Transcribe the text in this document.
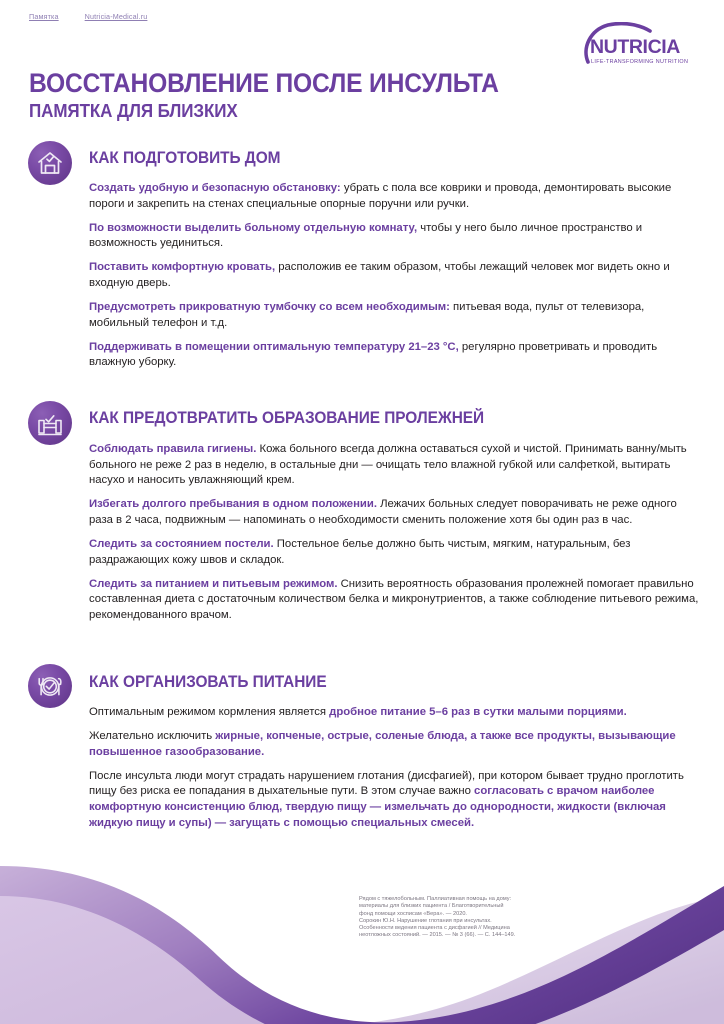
Памятка	Nutricia-Medical.ru
NUTRICIA
LIFE-TRANSFORMING NUTRITION
ВОССТАНОВЛЕНИЕ ПОСЛЕ ИНСУЛЬТА
ПАМЯТКА ДЛЯ БЛИЗКИХ
КАК ПОДГОТОВИТЬ ДОМ

Создать удобную и безопасную обстановку: убрать с пола все коврики и провода, демонтировать высокие пороги и закрепить на стенах специальные опорные поручни или ручки.

По возможности выделить больному отдельную комнату, чтобы у него было личное пространство и возможность уединиться.

Поставить комфортную кровать, расположив ее таким образом, чтобы лежащий человек мог видеть окно и входную дверь.

Предусмотреть прикроватную тумбочку со всем необходимым: питьевая вода, пульт от телевизора, мобильный телефон и т.д.

Поддерживать в помещении оптимальную температуру 21–23 °C, регулярно проветривать и проводить влажную уборку.

КАК ПРЕДОТВРАТИТЬ ОБРАЗОВАНИЕ ПРОЛЕЖНЕЙ

Соблюдать правила гигиены. Кожа больного всегда должна оставаться сухой и чистой. Принимать ванну/мыть больного не реже 2 раз в неделю, в остальные дни — очищать тело влажной губкой или салфеткой, вытирать насухо и наносить увлажняющий крем.

Избегать долгого пребывания в одном положении. Лежачих больных следует поворачивать не реже одного раза в 2 часа, подвижным — напоминать о необходимости сменить положение хотя бы один раз в час.

Следить за состоянием постели. Постельное белье должно быть чистым, мягким, натуральным, без раздражающих кожу швов и складок.

Следить за питанием и питьевым режимом. Снизить вероятность образования пролежней помогает правильно составленная диета с достаточным количеством белка и микронутриентов, а также соблюдение питьевого режима, рекомендованного врачом.

КАК ОРГАНИЗОВАТЬ ПИТАНИЕ

Оптимальным режимом кормления является дробное питание 5–6 раз в сутки малыми порциями.

Желательно исключить жирные, копченые, острые, соленые блюда, а также все продукты, вызывающие повышенное газообразование.

После инсульта люди могут страдать нарушением глотания (дисфагией), при котором бывает трудно проглотить пищу без риска ее попадания в дыхательные пути. В этом случае важно согласовать с врачом наиболее комфортную консистенцию блюд, твердую пищу — измельчать до однородности, жидкости (включая жидкую пищу и супы) — загущать с помощью специальных смесей.

Рядом с тяжелобольным. Паллиативная помощь на дому:
материалы для близких пациента / Благотворительный
фонд помощи хосписам «Вера». — 2020.
Сорокин Ю.Н. Нарушение глотания при инсультах.
Особенности ведения пациента с дисфагией // Медицина
неотложных состояний. — 2015. — № 3 (66). — С. 144–149.
